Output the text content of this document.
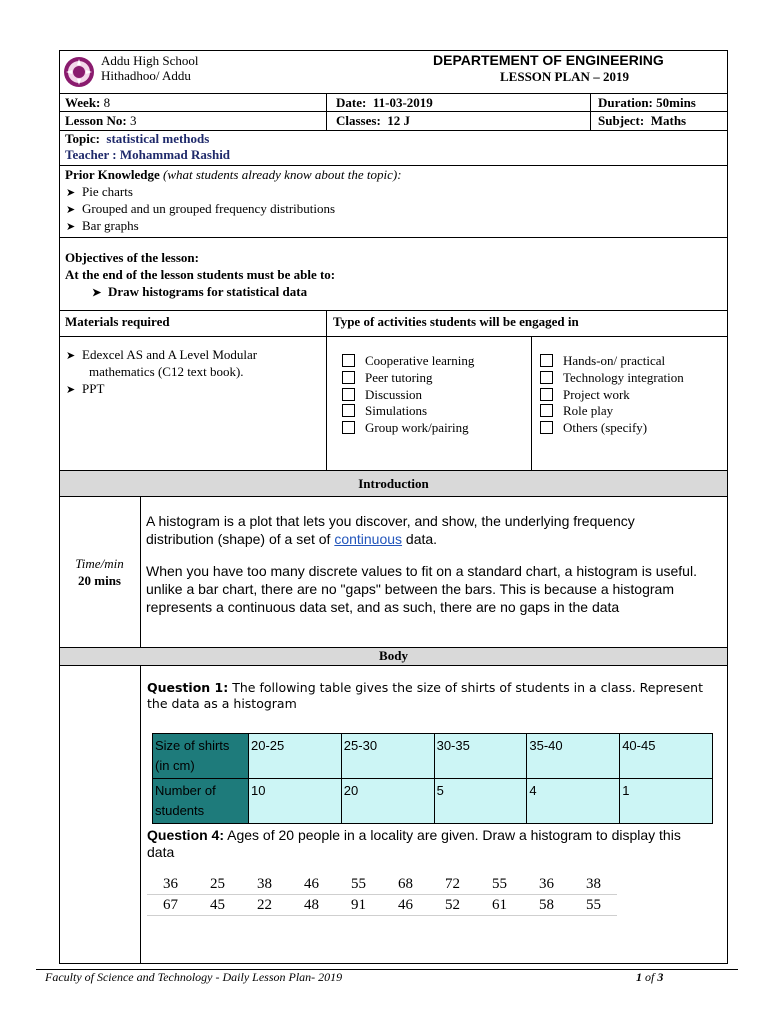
Addu High School
Hithadhoo/ Addu
DEPARTEMENT OF ENGINEERING
LESSON PLAN – 2019
Week: 8	Date: 11-03-2019	Duration: 50mins
Lesson No: 3	Classes: 12 J	Subject: Maths
Topic: statistical methods
Teacher : Mohammad Rashid
Prior Knowledge (what students already know about the topic):
➤ Pie charts
➤ Grouped and un grouped frequency distributions
➤ Bar graphs
Objectives of the lesson:
At the end of the lesson students must be able to:
➤ Draw histograms for statistical data
Materials required	Type of activities students will be engaged in
➤ Edexcel AS and A Level Modular
mathematics (C12 text book).
➤ PPT
Cooperative learning
Peer tutoring
Discussion
Simulations
Group work/pairing
Hands-on/ practical
Technology integration
Project work
Role play
Others (specify)
Introduction
Time/min
20 mins
A histogram is a plot that lets you discover, and show, the underlying frequency distribution (shape) of a set of continuous data.
When you have too many discrete values to fit on a standard chart, a histogram is useful. unlike a bar chart, there are no "gaps" between the bars. This is because a histogram represents a continuous data set, and as such, there are no gaps in the data
Body
Question 1: The following table gives the size of shirts of students in a class. Represent the data as a histogram
Size of shirts
(in cm)	20-25	25-30	30-35	35-40	40-45
Number of
students	10	20	5	4	1
Question 4: Ages of 20 people in a locality are given. Draw a histogram to display this data
36	25	38	46	55	68	72	55	36	38
67	45	22	48	91	46	52	61	58	55
Faculty of Science and Technology - Daily Lesson Plan- 2019	1 of 3
